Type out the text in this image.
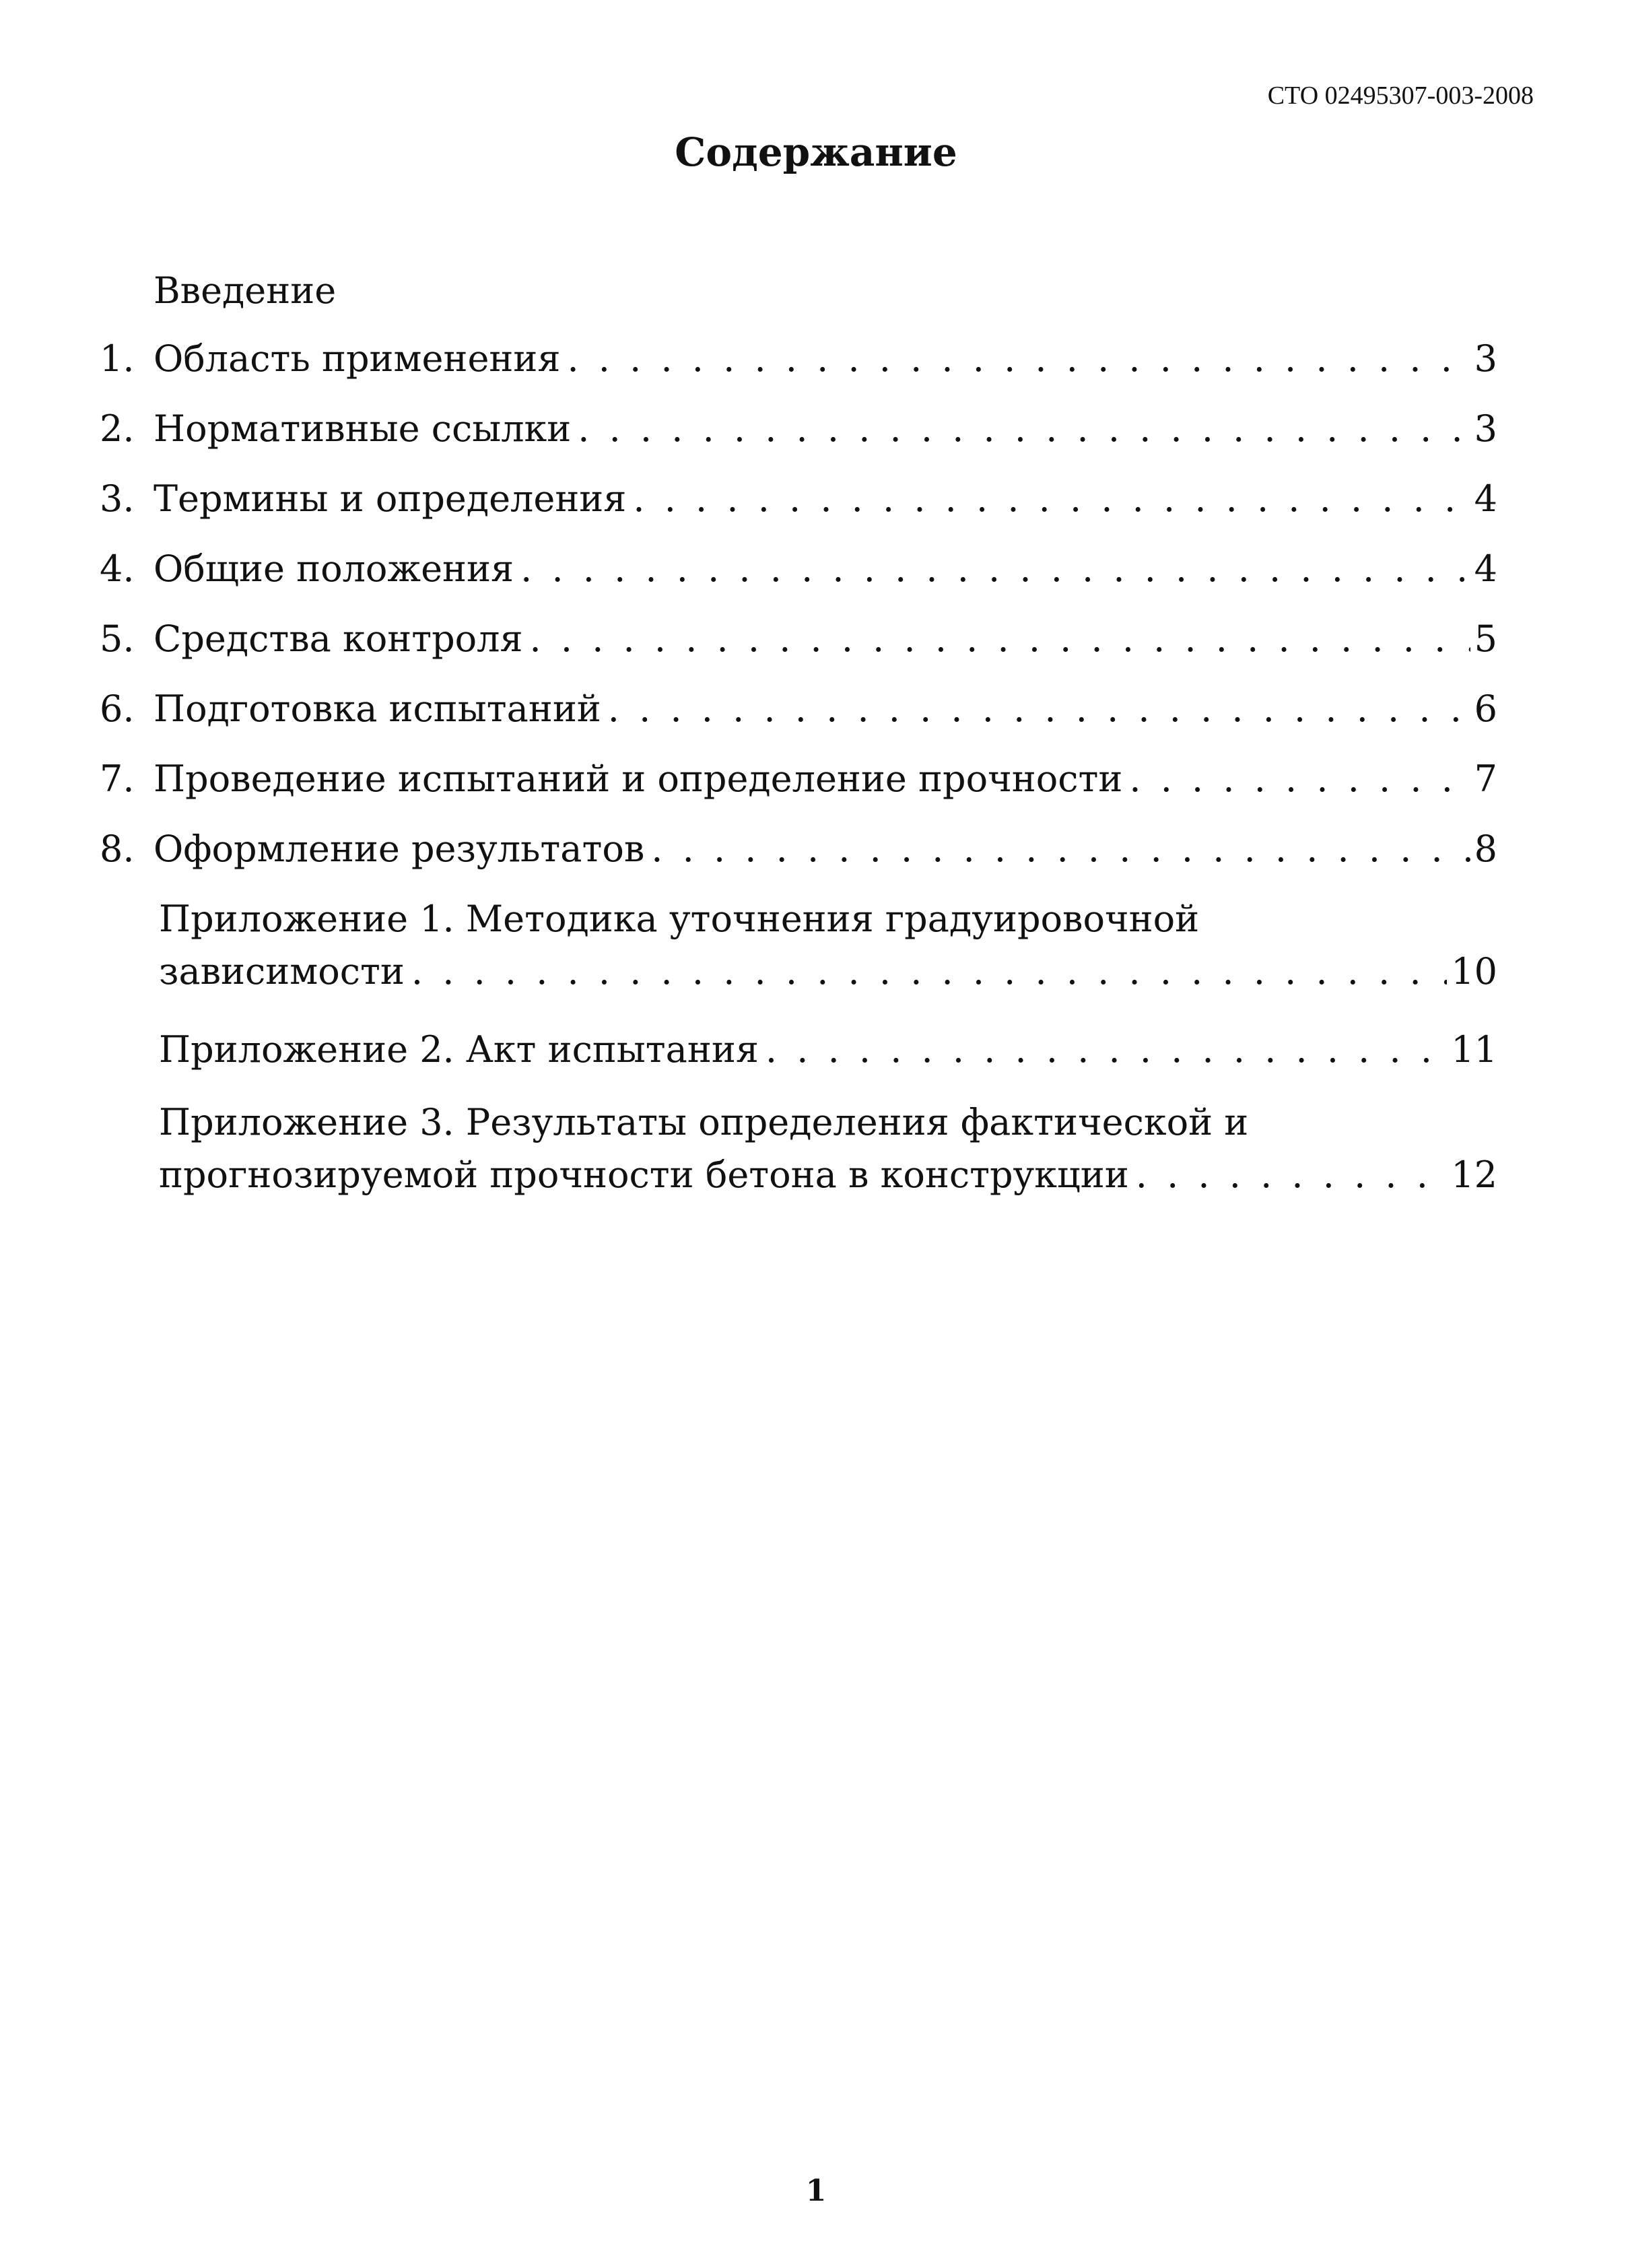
СТО 02495307-003-2008
Содержание
Введение
1. Область применения . . .	3
2. Нормативные ссылки . . .	3
3. Термины и определения . . .	4
4. Общие положения . . .	4
5. Средства контроля . . .	5
6. Подготовка испытаний . . .	6
7. Проведение испытаний и определение прочности . . .	7
8. Оформление результатов . . .	8
Приложение 1. Методика уточнения градуировочной
зависимости . . .	10
Приложение 2. Акт испытания . . .	11
Приложение 3. Результаты определения фактической и
прогнозируемой прочности бетона в конструкции . . .	12
1
